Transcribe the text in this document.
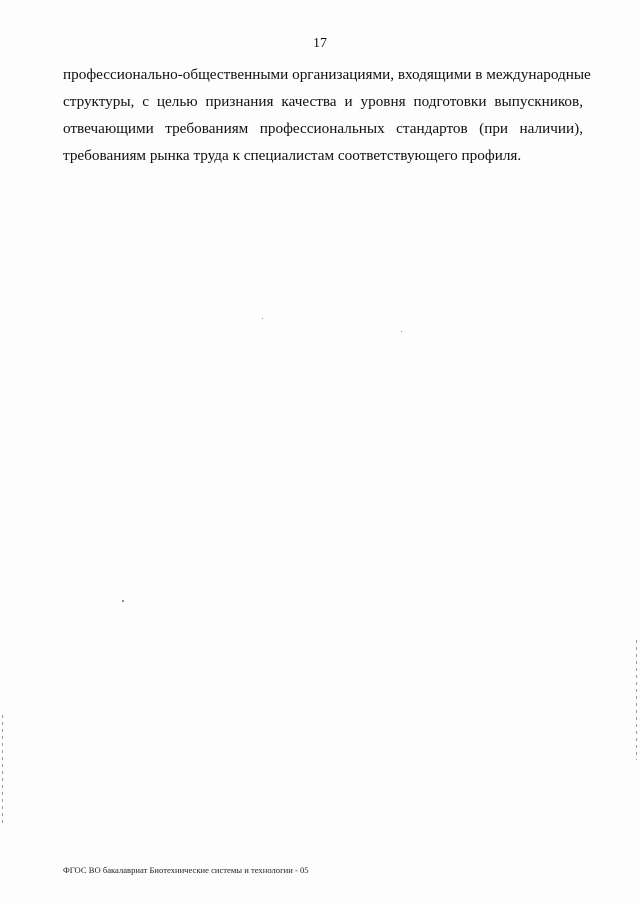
17
профессионально-общественными организациями, входящими в международные
структуры, с целью признания качества и уровня подготовки выпускников,
отвечающими требованиям профессиональных стандартов (при наличии),
требованиям рынка труда к специалистам соответствующего профиля.
ФГОС ВО бакалавриат Биотехнические системы и технологии - 05
